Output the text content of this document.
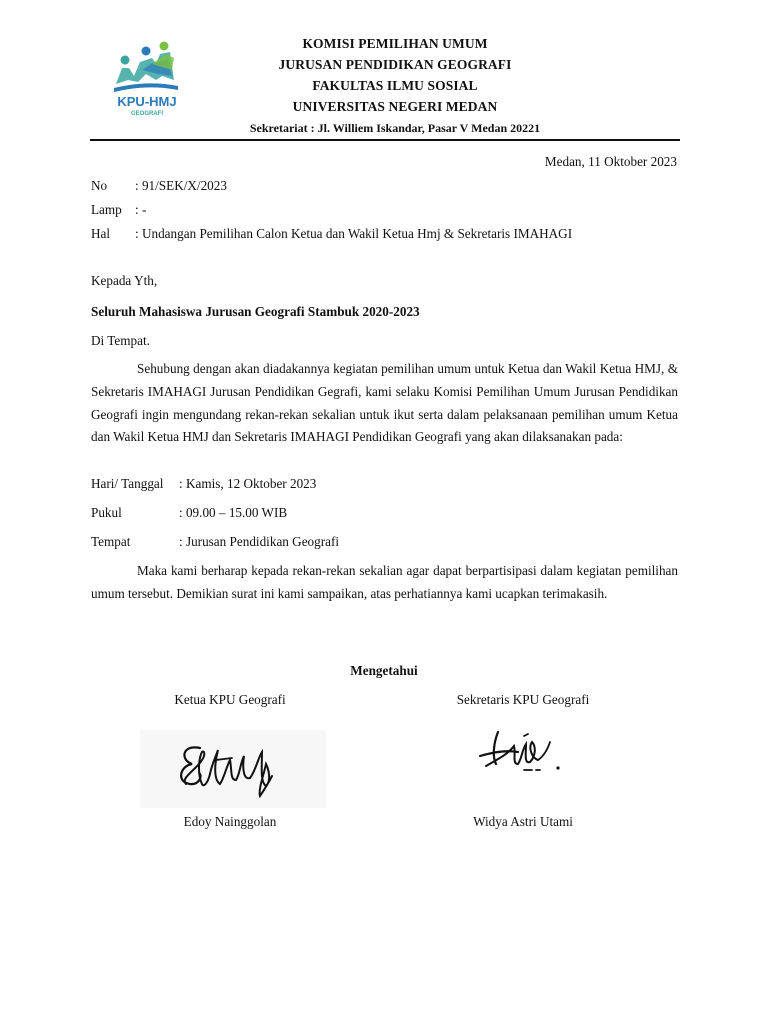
KPU-HMJ
GEOGRAFI
KOMISI PEMILIHAN UMUM
JURUSAN PENDIDIKAN GEOGRAFI
FAKULTAS ILMU SOSIAL
UNIVERSITAS NEGERI MEDAN
Sekretariat : Jl. Williem Iskandar, Pasar V Medan 20221
Medan, 11 Oktober 2023
No : 91/SEK/X/2023
Lamp : -
Hal : Undangan Pemilihan Calon Ketua dan Wakil Ketua Hmj & Sekretaris IMAHAGI
Kepada Yth,
Seluruh Mahasiswa Jurusan Geografi Stambuk 2020-2023
Di Tempat.
Sehubung dengan akan diadakannya kegiatan pemilihan umum untuk Ketua dan Wakil Ketua HMJ, & Sekretaris IMAHAGI Jurusan Pendidikan Gegrafi, kami selaku Komisi Pemilihan Umum Jurusan Pendidikan Geografi ingin mengundang rekan-rekan sekalian untuk ikut serta dalam pelaksanaan pemilihan umum Ketua dan Wakil Ketua HMJ dan Sekretaris IMAHAGI Pendidikan Geografi yang akan dilaksanakan pada:
Hari/ Tanggal : Kamis, 12 Oktober 2023
Pukul	: 09.00 – 15.00 WIB
Tempat	: Jurusan Pendidikan Geografi
Maka kami berharap kepada rekan-rekan sekalian agar dapat berpartisipasi dalam kegiatan pemilihan umum tersebut. Demikian surat ini kami sampaikan, atas perhatiannya kami ucapkan terimakasih.
Mengetahui
Ketua KPU Geografi	Sekretaris KPU Geografi
Edoy Nainggolan	Widya Astri Utami
